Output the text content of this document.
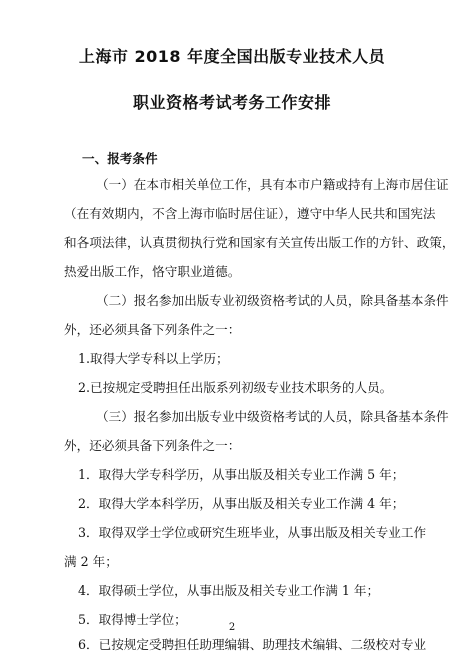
上海市 2018 年度全国出版专业技术人员
职业资格考试考务工作安排
一、报考条件
（一）在本市相关单位工作，具有本市户籍或持有上海市居住证
（在有效期内，不含上海市临时居住证），遵守中华人民共和国宪法
和各项法律，认真贯彻执行党和国家有关宣传出版工作的方针、政策，
热爱出版工作，恪守职业道德。
（二）报名参加出版专业初级资格考试的人员，除具备基本条件
外，还必须具备下列条件之一：
1.取得大学专科以上学历；
2.已按规定受聘担任出版系列初级专业技术职务的人员。
（三）报名参加出版专业中级资格考试的人员，除具备基本条件
外，还必须具备下列条件之一：
1．取得大学专科学历，从事出版及相关专业工作满 5 年；
2．取得大学本科学历，从事出版及相关专业工作满 4 年；
3．取得双学士学位或研究生班毕业，从事出版及相关专业工作
满 2 年；
4．取得硕士学位，从事出版及相关专业工作满 1 年；
5．取得博士学位；
6．已按规定受聘担任助理编辑、助理技术编辑、二级校对专业
2
